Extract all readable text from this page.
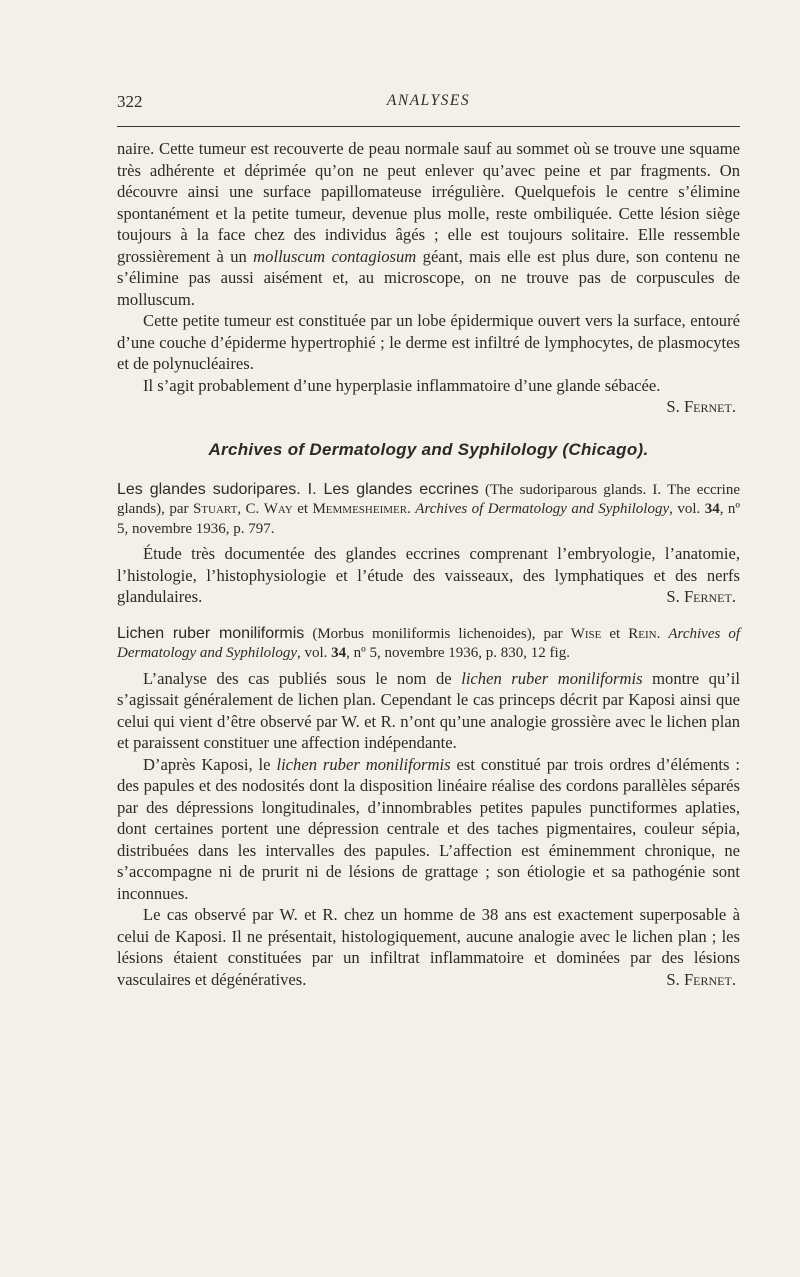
322	ANALYSES

naire. Cette tumeur est recouverte de peau normale sauf au sommet où se trouve une squame très adhérente et déprimée qu’on ne peut enlever qu’avec peine et par fragments. On découvre ainsi une surface papillomateuse irrégulière. Quelquefois le centre s’élimine spontanément et la petite tumeur, devenue plus molle, reste ombiliquée. Cette lésion siège toujours à la face chez des individus âgés ; elle est toujours solitaire. Elle ressemble grossièrement à un molluscum contagiosum géant, mais elle est plus dure, son contenu ne s’élimine pas aussi aisément et, au microscope, on ne trouve pas de corpuscules de molluscum.

Cette petite tumeur est constituée par un lobe épidermique ouvert vers la surface, entouré d’une couche d’épiderme hypertrophié ; le derme est infiltré de lymphocytes, de plasmocytes et de polynucléaires.

Il s’agit probablement d’une hyperplasie inflammatoire d’une glande sébacée.
S. Fernet.

Archives of Dermatology and Syphilology (Chicago).

Les glandes sudoripares. I. Les glandes eccrines (The sudoriparous glands. I. The eccrine glands), par Stuart, C. Way et Memmesheimer. Archives of Dermatology and Syphilology, vol. 34, nº 5, novembre 1936, p. 797.

Étude très documentée des glandes eccrines comprenant l’embryologie, l’anatomie, l’histologie, l’histophysiologie et l’étude des vaisseaux, des lymphatiques et des nerfs glandulaires.	S. Fernet.

Lichen ruber moniliformis (Morbus moniliformis lichenoides), par Wise et Rein. Archives of Dermatology and Syphilology, vol. 34, nº 5, novembre 1936, p. 830, 12 fig.

L’analyse des cas publiés sous le nom de lichen ruber moniliformis montre qu’il s’agissait généralement de lichen plan. Cependant le cas princeps décrit par Kaposi ainsi que celui qui vient d’être observé par W. et R. n’ont qu’une analogie grossière avec le lichen plan et paraissent constituer une affection indépendante.

D’après Kaposi, le lichen ruber moniliformis est constitué par trois ordres d’éléments : des papules et des nodosités dont la disposition linéaire réalise des cordons parallèles séparés par des dépressions longitudinales, d’innombrables petites papules punctiformes aplaties, dont certaines portent une dépression centrale et des taches pigmentaires, couleur sépia, distribuées dans les intervalles des papules. L’affection est éminemment chronique, ne s’accompagne ni de prurit ni de lésions de grattage ; son étiologie et sa pathogénie sont inconnues.

Le cas observé par W. et R. chez un homme de 38 ans est exactement superposable à celui de Kaposi. Il ne présentait, histologiquement, aucune analogie avec le lichen plan ; les lésions étaient constituées par un infiltrat inflammatoire et dominées par des lésions vasculaires et dégénératives.	S. Fernet.
